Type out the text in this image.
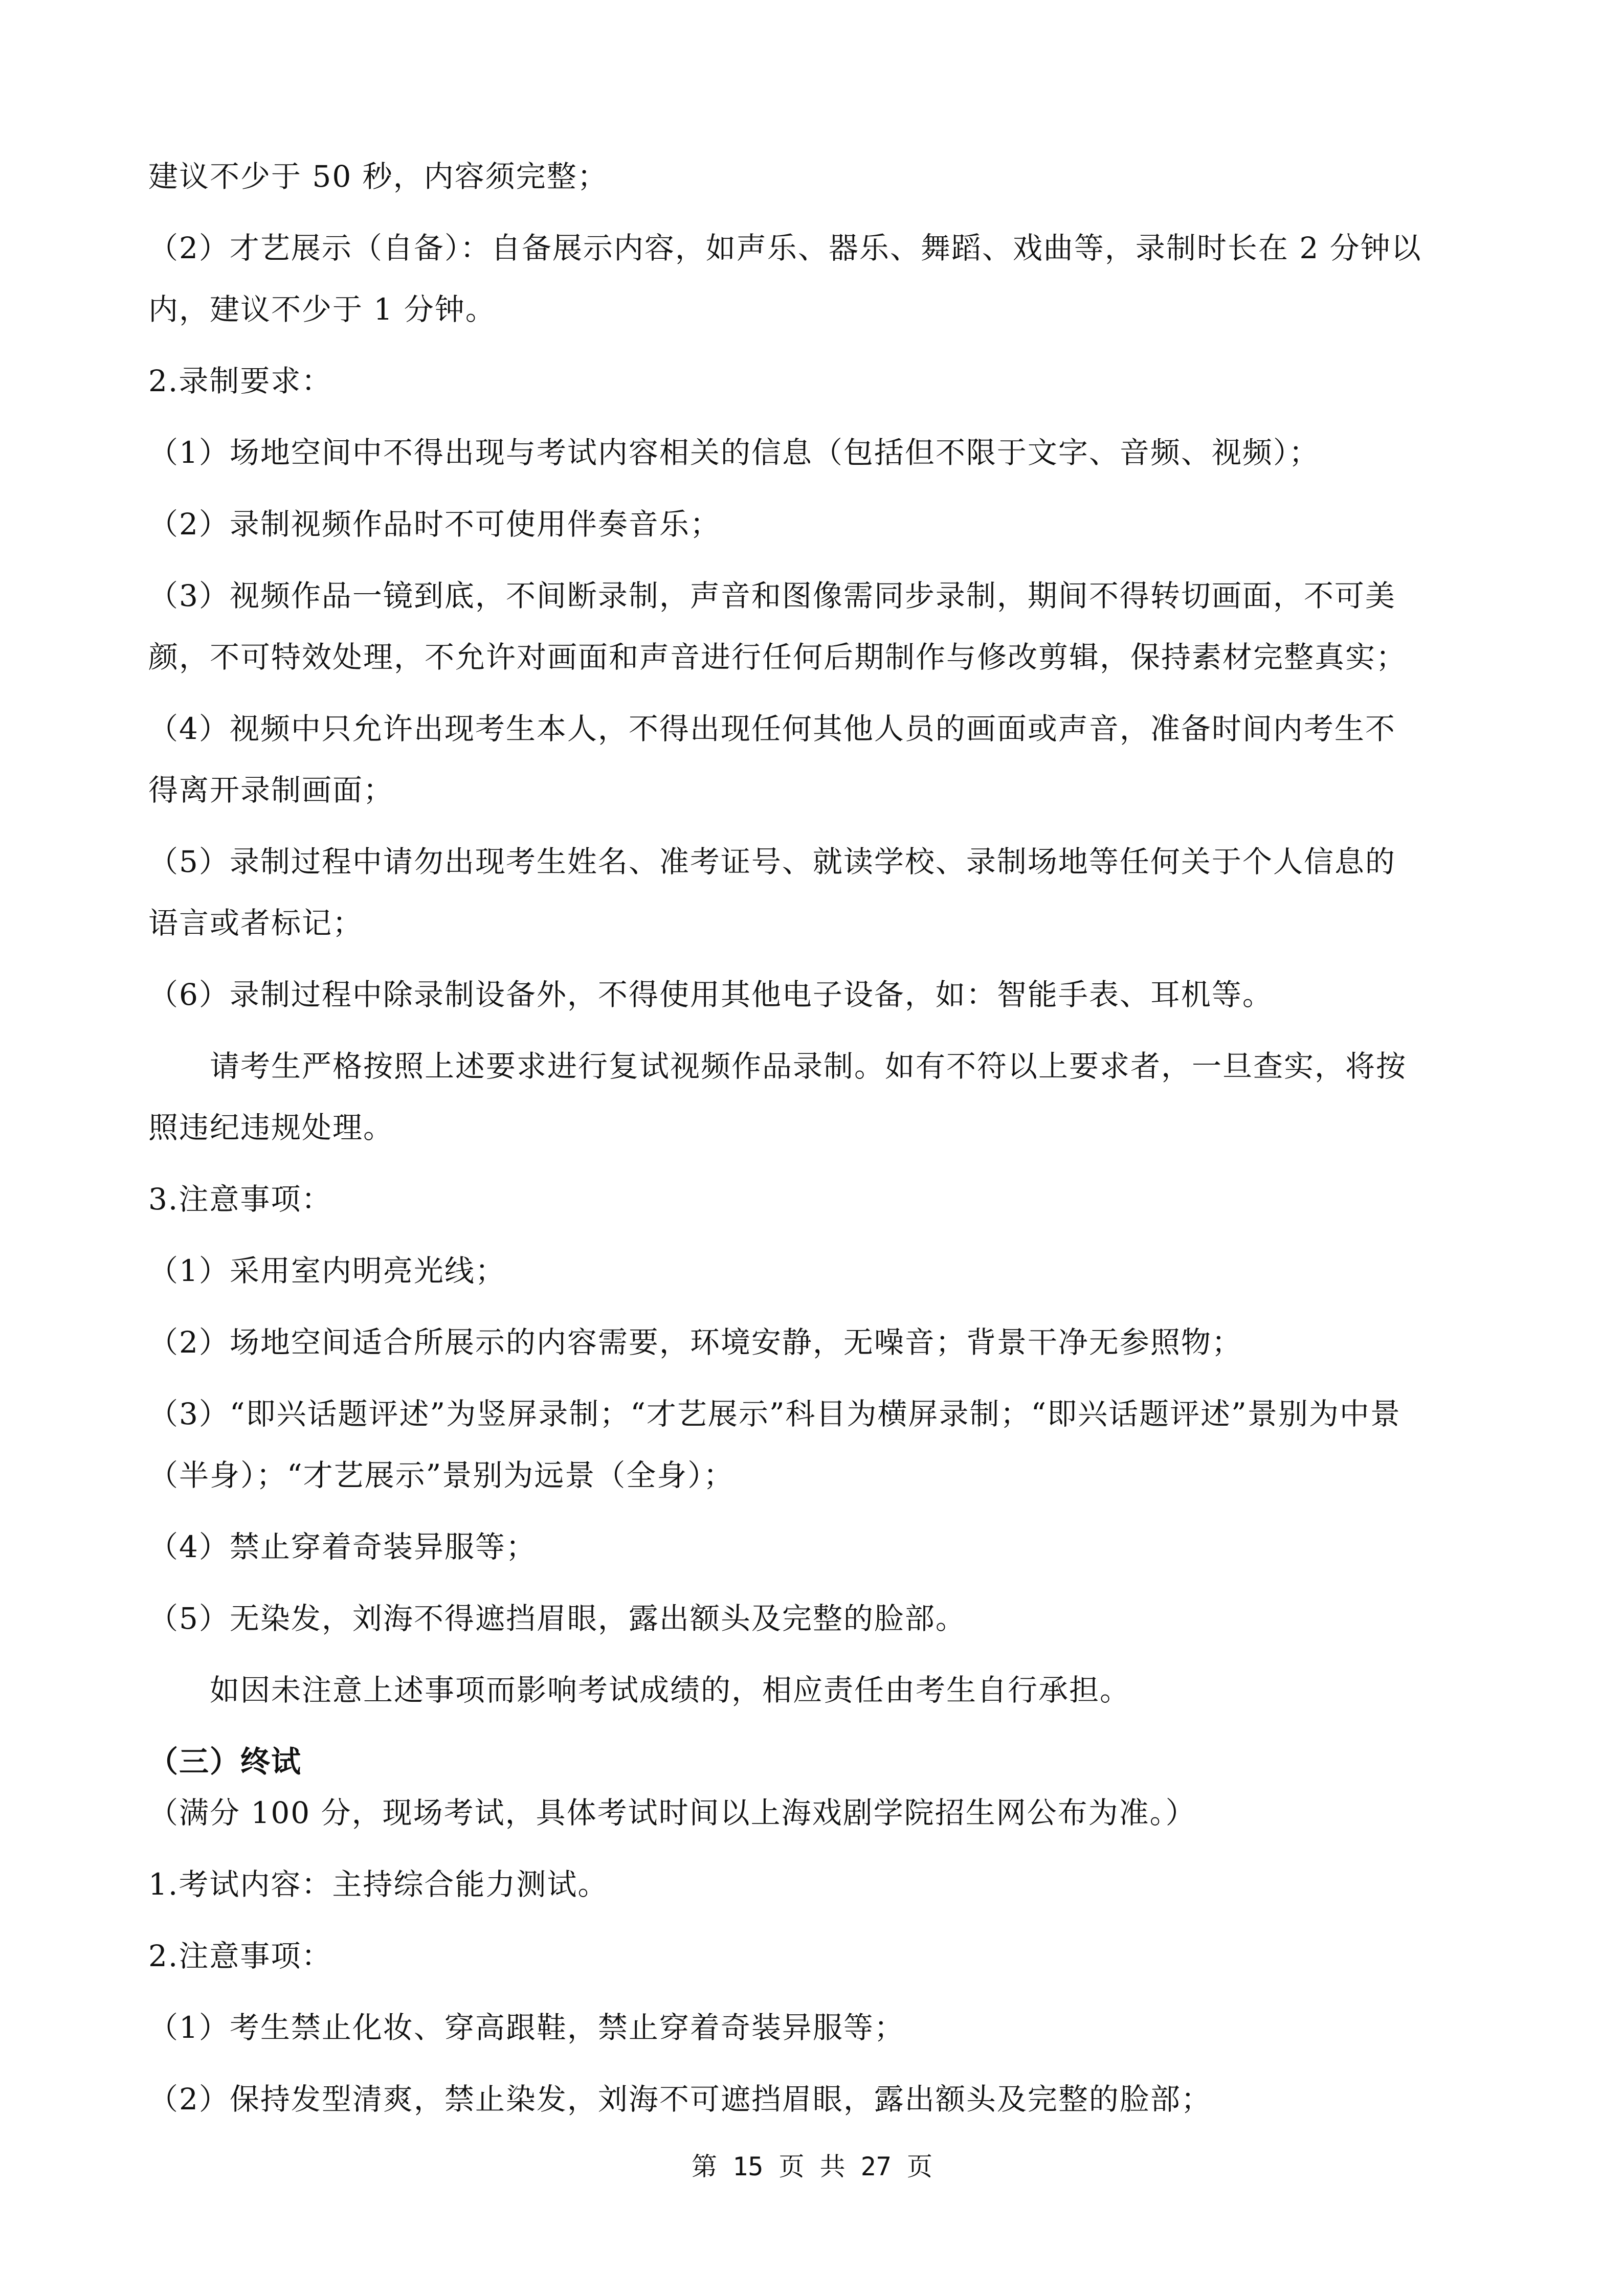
建议不少于 50 秒，内容须完整；
（2）才艺展示（自备）：自备展示内容，如声乐、器乐、舞蹈、戏曲等，录制时长在 2 分钟以
内，建议不少于 1 分钟。
2.录制要求：
（1）场地空间中不得出现与考试内容相关的信息（包括但不限于文字、音频、视频）；
（2）录制视频作品时不可使用伴奏音乐；
（3）视频作品一镜到底，不间断录制，声音和图像需同步录制，期间不得转切画面，不可美
颜，不可特效处理，不允许对画面和声音进行任何后期制作与修改剪辑，保持素材完整真实；
（4）视频中只允许出现考生本人，不得出现任何其他人员的画面或声音，准备时间内考生不
得离开录制画面；
（5）录制过程中请勿出现考生姓名、准考证号、就读学校、录制场地等任何关于个人信息的
语言或者标记；
（6）录制过程中除录制设备外，不得使用其他电子设备，如：智能手表、耳机等。
请考生严格按照上述要求进行复试视频作品录制。如有不符以上要求者，一旦查实，将按
照违纪违规处理。
3.注意事项：
（1）采用室内明亮光线；
（2）场地空间适合所展示的内容需要，环境安静，无噪音；背景干净无参照物；
（3）“即兴话题评述”为竖屏录制；“才艺展示”科目为横屏录制；“即兴话题评述”景别为中景
（半身）；“才艺展示”景别为远景（全身）；
（4）禁止穿着奇装异服等；
（5）无染发，刘海不得遮挡眉眼，露出额头及完整的脸部。
如因未注意上述事项而影响考试成绩的，相应责任由考生自行承担。
（三）终试
（满分 100 分，现场考试，具体考试时间以上海戏剧学院招生网公布为准。）
1.考试内容：主持综合能力测试。
2.注意事项：
（1）考生禁止化妆、穿高跟鞋，禁止穿着奇装异服等；
（2）保持发型清爽，禁止染发，刘海不可遮挡眉眼，露出额头及完整的脸部；
第 15 页 共 27 页
